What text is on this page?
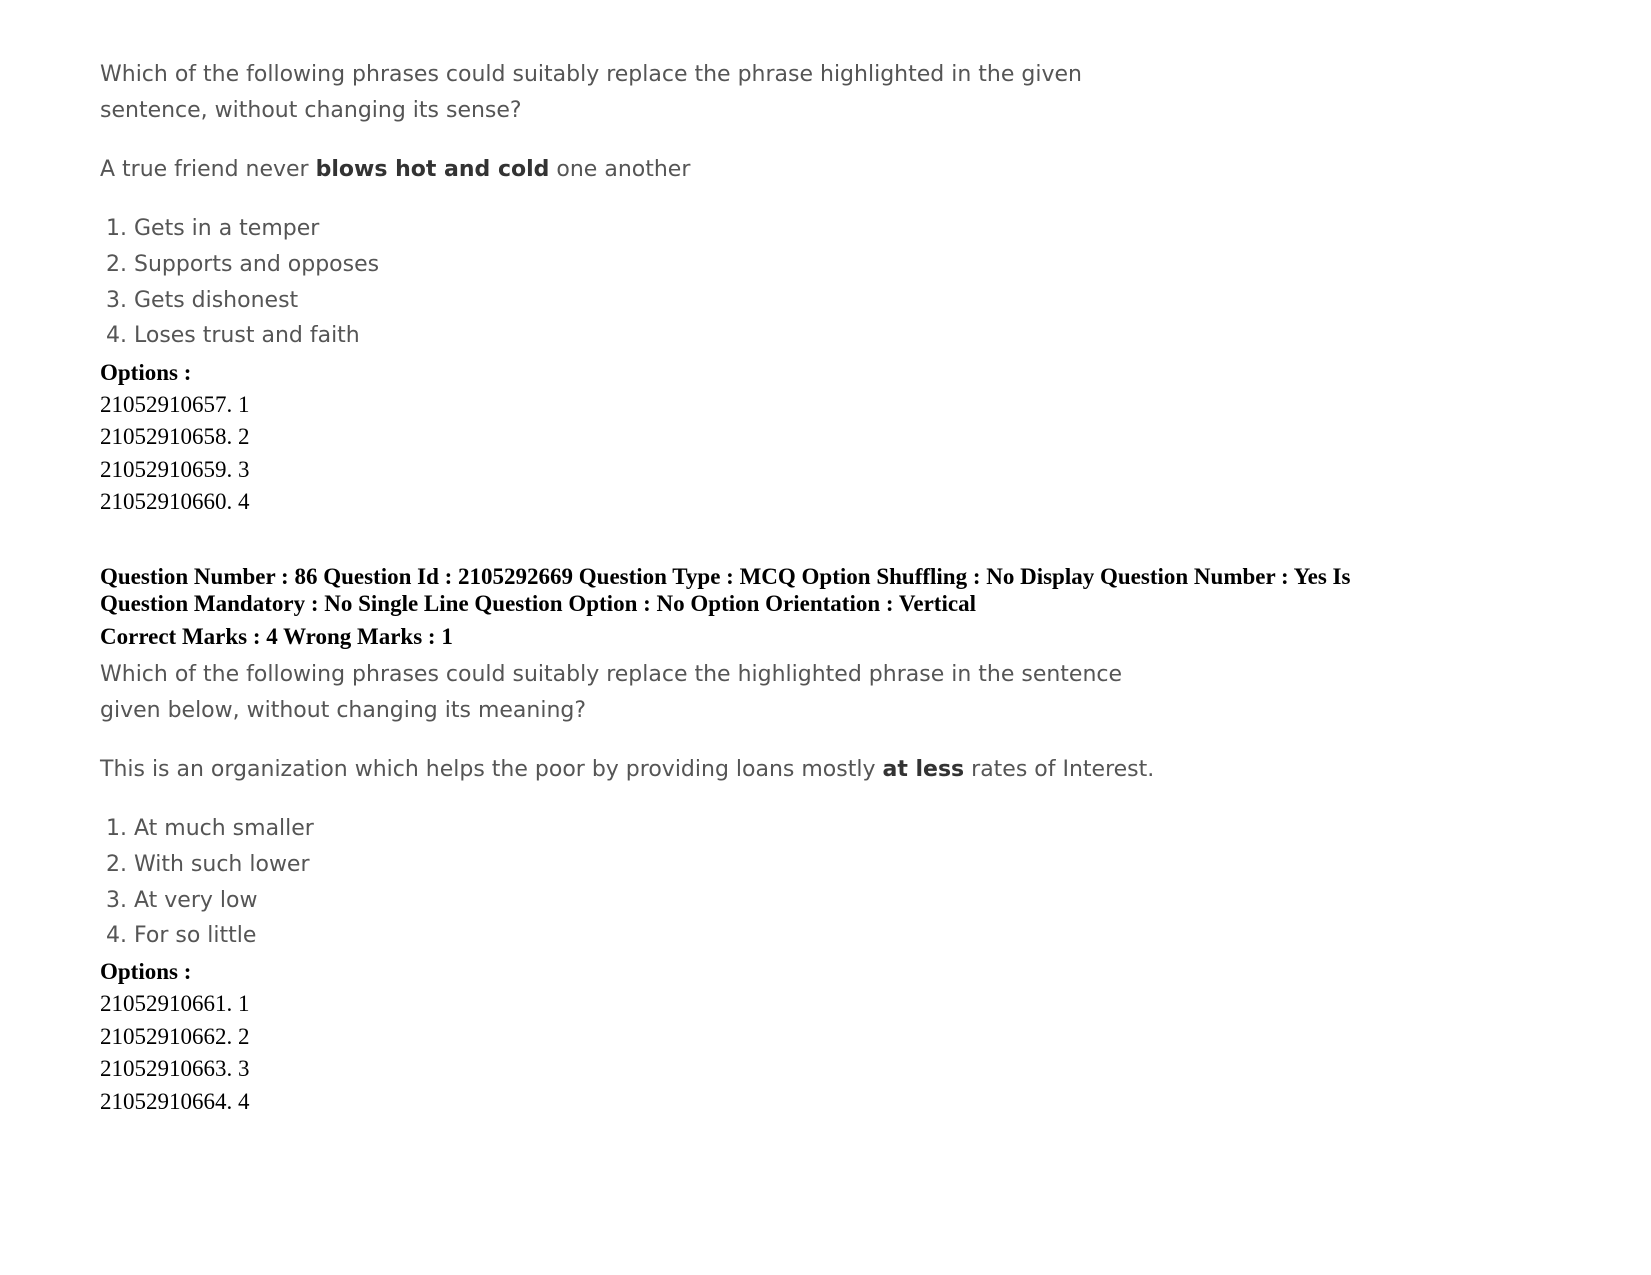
Which of the following phrases could suitably replace the phrase highlighted in the given
sentence, without changing its sense?
A true friend never blows hot and cold one another
1. Gets in a temper
2. Supports and opposes
3. Gets dishonest
4. Loses trust and faith
Options :
21052910657. 1
21052910658. 2
21052910659. 3
21052910660. 4
Question Number : 86 Question Id : 2105292669 Question Type : MCQ Option Shuffling : No Display Question Number : Yes Is
Question Mandatory : No Single Line Question Option : No Option Orientation : Vertical
Correct Marks : 4 Wrong Marks : 1
Which of the following phrases could suitably replace the highlighted phrase in the sentence
given below, without changing its meaning?
This is an organization which helps the poor by providing loans mostly at less rates of Interest.
1. At much smaller
2. With such lower
3. At very low
4. For so little
Options :
21052910661. 1
21052910662. 2
21052910663. 3
21052910664. 4
